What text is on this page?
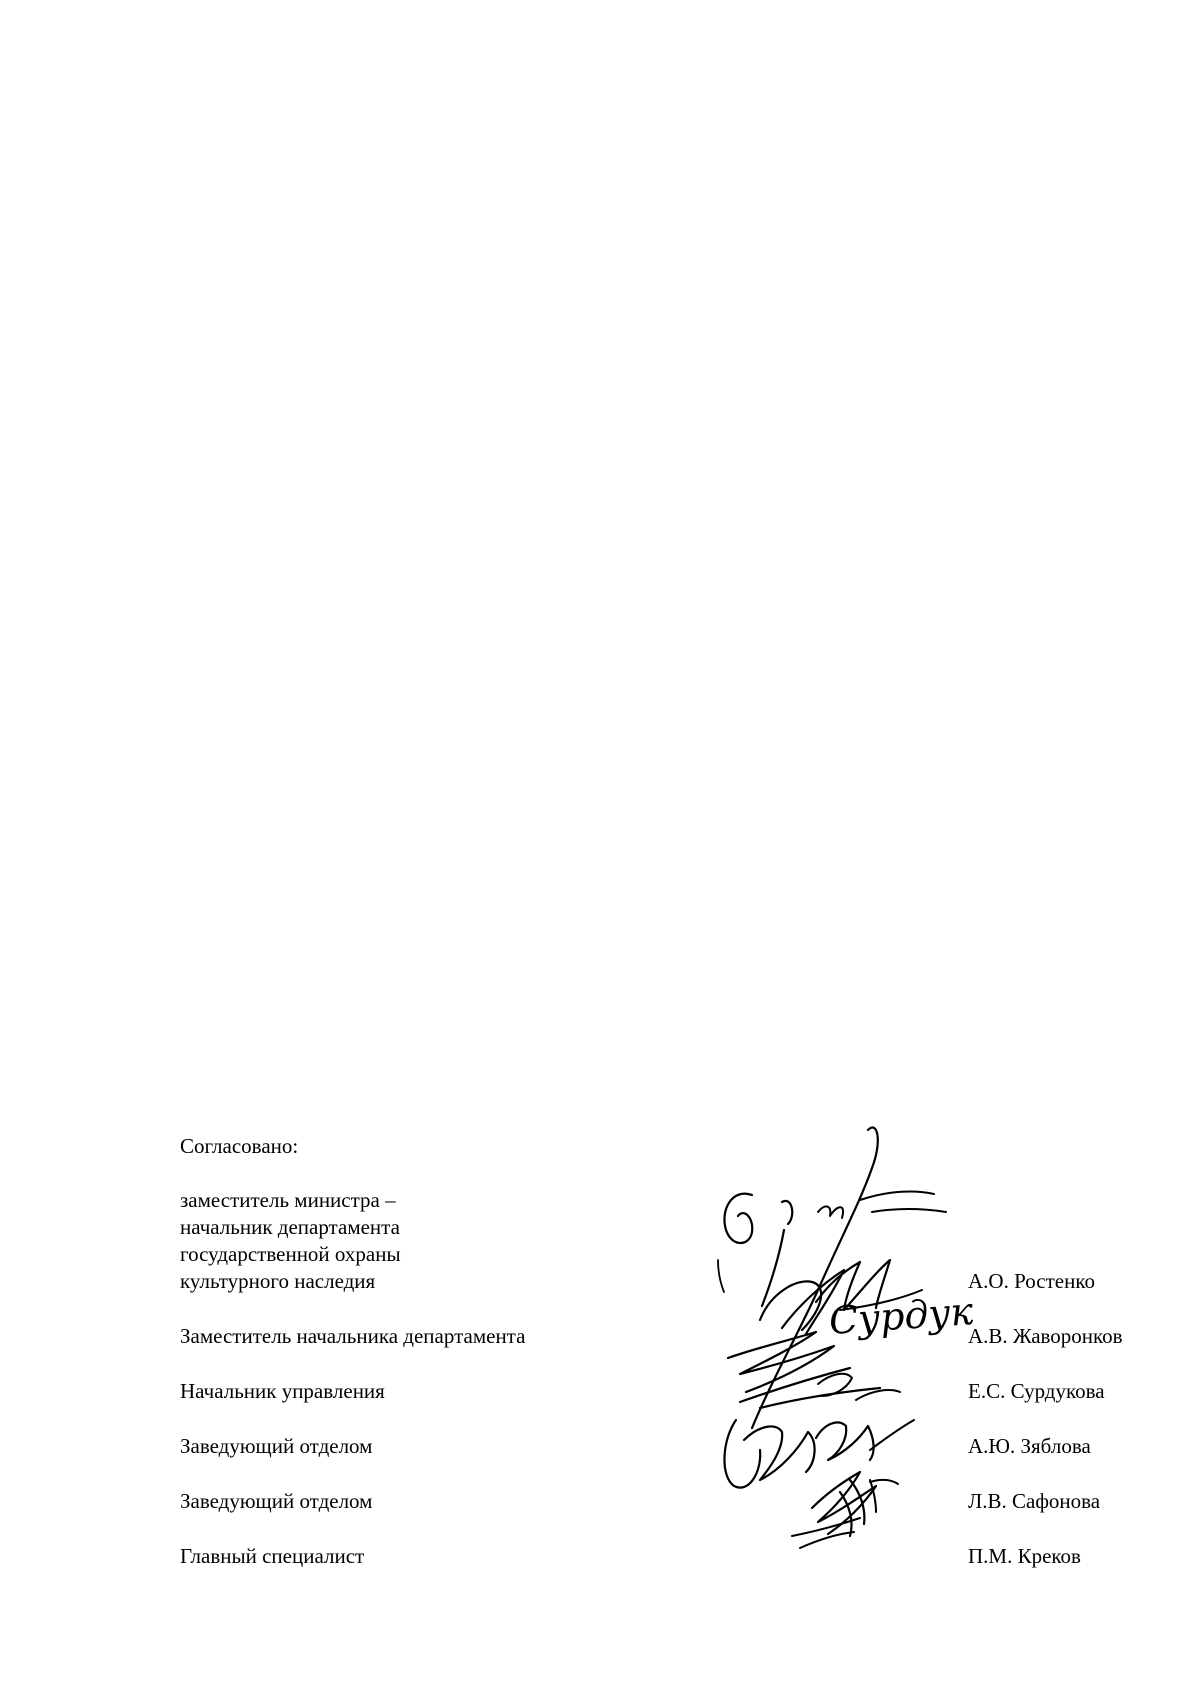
Согласовано:

заместитель министра –
начальник департамента
государственной охраны
культурного наследия	А.О. Ростенко

Заместитель начальника департамента	А.В. Жаворонков

Начальник управления	Е.С. Сурдукова

Заведующий отделом	А.Ю. Зяблова

Заведующий отделом	Л.В. Сафонова

Главный специалист	П.М. Креков

Сурдук
